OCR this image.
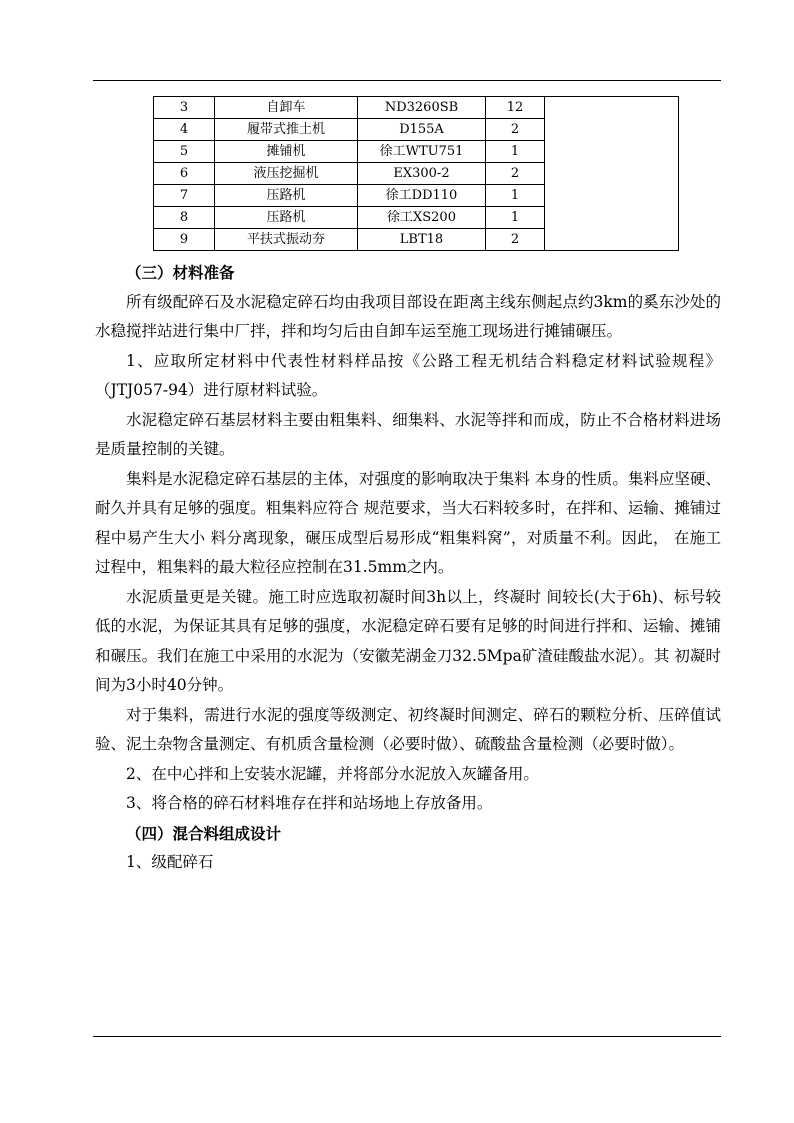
3	自卸车	ND3260SB	12	
4	履带式推土机	D155A	2	
5	摊铺机	徐工WTU751	1	
6	液压挖掘机	EX300-2	2	
7	压路机	徐工DD110	1	
8	压路机	徐工XS200	1	
9	平扶式振动夯	LBT18	2	

（三）材料准备

所有级配碎石及水泥稳定碎石均由我项目部设在距离主线东侧起点约3km的奚东沙处的水稳搅拌站进行集中厂拌，拌和均匀后由自卸车运至施工现场进行摊铺碾压。

1、应取所定材料中代表性材料样品按《公路工程无机结合料稳定材料试验规程》（JTJ057-94）进行原材料试验。

水泥稳定碎石基层材料主要由粗集料、细集料、水泥等拌和而成，防止不合格材料进场是质量控制的关键。

集料是水泥稳定碎石基层的主体，对强度的影响取决于集料 本身的性质。集料应坚硬、耐久并具有足够的强度。粗集料应符合 规范要求，当大石料较多时，在拌和、运输、摊铺过程中易产生大小 料分离现象，碾压成型后易形成“粗集料窝”，对质量不利。因此， 在施工过程中，粗集料的最大粒径应控制在31.5mm之内。

水泥质量更是关键。施工时应选取初凝时间3h以上，终凝时 间较长(大于6h)、标号较低的水泥，为保证其具有足够的强度，水泥稳定碎石要有足够的时间进行拌和、运输、摊铺和碾压。我们在施工中采用的水泥为（安徽芜湖金刀32.5Mpa矿渣硅酸盐水泥）。其 初凝时间为3小时40分钟。

对于集料，需进行水泥的强度等级测定、初终凝时间测定、碎石的颗粒分析、压碎值试验、泥土杂物含量测定、有机质含量检测（必要时做）、硫酸盐含量检测（必要时做）。

2、在中心拌和上安装水泥罐，并将部分水泥放入灰罐备用。

3、将合格的碎石材料堆存在拌和站场地上存放备用。

（四）混合料组成设计

1、级配碎石
